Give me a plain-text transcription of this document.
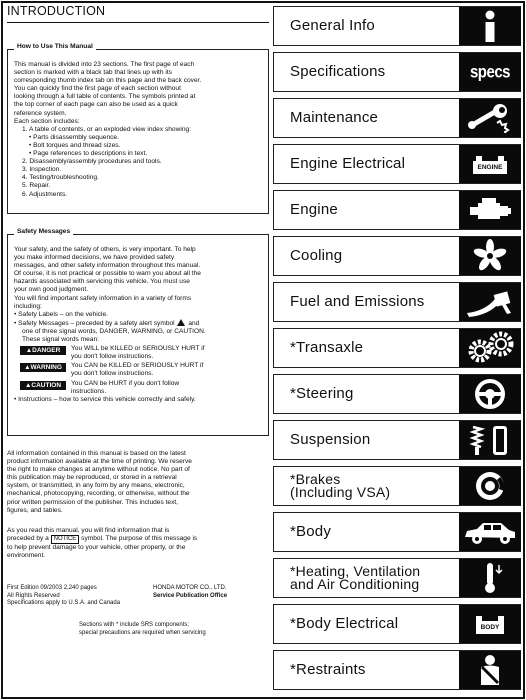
INTRODUCTION
How to Use This Manual

This manual is divided into 23 sections. The first page of each

section is marked with a black tab that lines up with its

corresponding thumb index tab on this page and the back cover.

You can quickly find the first page of each section without

looking through a full table of contents. The symbols printed at

the top corner of each page can also be used as a quick

reference system.

Each section includes:

1. A table of contents, or an exploded view index showing:

• Parts disassembly sequence.

• Bolt torques and thread sizes.

• Page references to descriptions in text.

2. Disassembly/assembly procedures and tools.

3. Inspection.

4. Testing/troubleshooting.

5. Repair.

6. Adjustments.

Safety Messages

Your safety, and the safety of others, is very important. To help

you make informed decisions, we have provided safety

messages, and other safety information throughout this manual.

Of course, it is not practical or possible to warn you about all the

hazards associated with servicing this vehicle. You must use

your own good judgment.

You will find important safety information in a variety of forms

including:

• Safety Labels – on the vehicle.

• Safety Messages – preceded by a safety alert symbol and

one of three signal words, DANGER, WARNING, or CAUTION.

These signal words mean:

▲DANGER	You WILL be KILLED or SERIOUSLY HURT if
you don't follow instructions.
▲WARNING	You CAN be KILLED or SERIOUSLY HURT if
you don't follow instructions.
▲CAUTION	You CAN be HURT if you don't follow
instructions.

• Instructions – how to service this vehicle correctly and safely.

All information contained in this manual is based on the latest

product information available at the time of printing. We reserve

the right to make changes at anytime without notice. No part of

this publication may be reproduced, or stored in a retrieval

system, or transmitted, in any form by any means, electronic,

mechanical, photocopying, recording, or otherwise, without the

prior written permission of the publisher. This includes text,

figures, and tables.

As you read this manual, you will find information that is

preceded by a NOTICE symbol. The purpose of this message is

to help prevent damage to your vehicle, other property, or the

environment.

First Edition 09/2003 2,240 pages

All Rights Reserved

Specifications apply to U.S.A. and Canada

HONDA MOTOR CO., LTD.

Service Publication Office

Sections with * include SRS components;

special precautions are required when servicing

General Info
Specifications	specs
Maintenance
Engine Electrical	ENGINE
Engine
Cooling
Fuel and Emissions
*Transaxle
*Steering
Suspension
*Brakes
(Including VSA)
*Body
*Heating, Ventilation
and Air Conditioning
*Body Electrical	BODY
*Restraints
